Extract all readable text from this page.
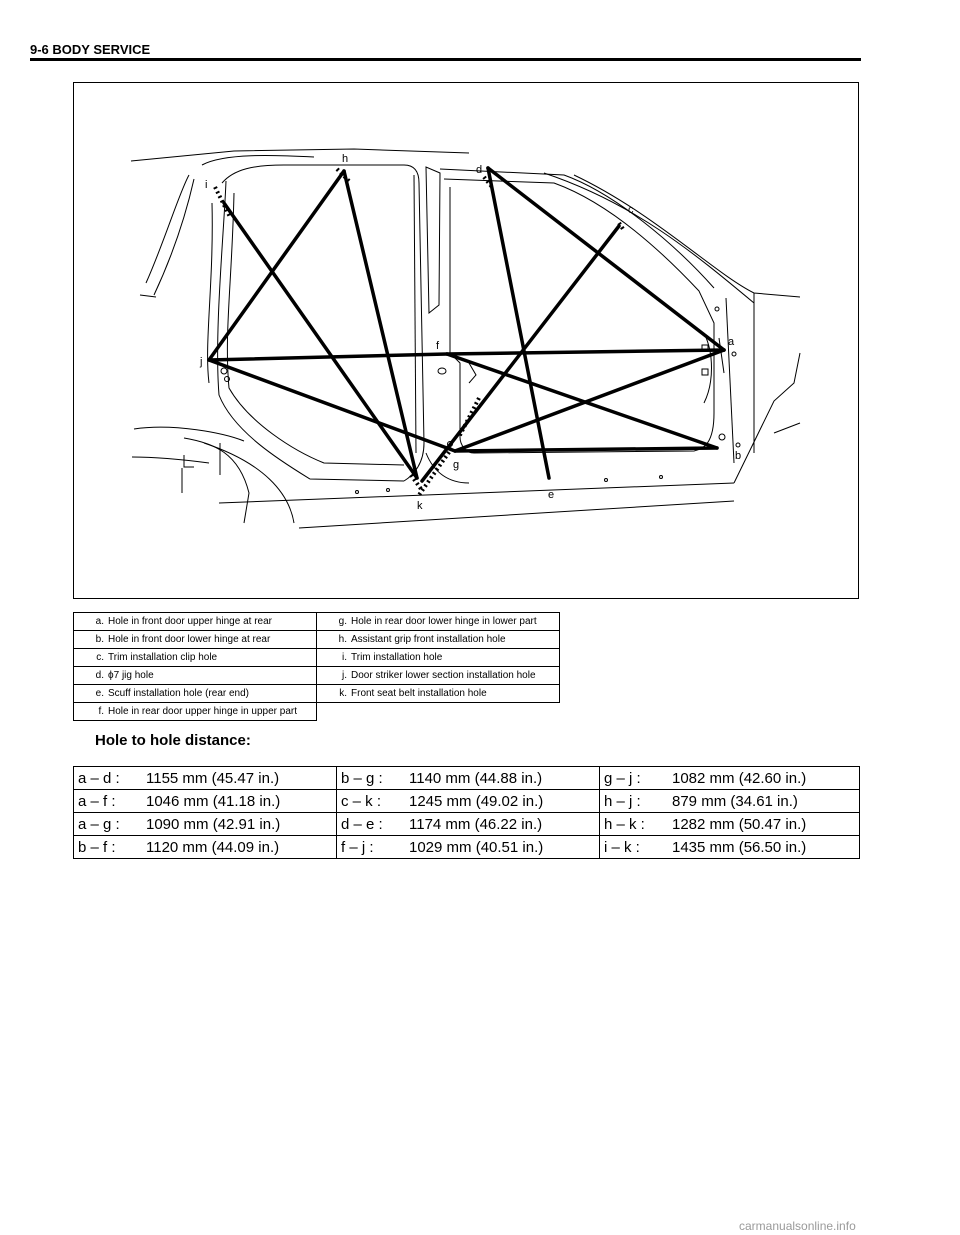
9-6 BODY SERVICE
a
b
c
d
e
f
g
h
i
j
k
a. Hole in front door upper hinge at rear	g. Hole in rear door lower hinge in lower part
b. Hole in front door lower hinge at rear	h. Assistant grip front installation hole
c. Trim installation clip hole	i. Trim installation hole
d. ϕ7 jig hole	j. Door striker lower section installation hole
e. Scuff installation hole (rear end)	k. Front seat belt installation hole
f. Hole in rear door upper hinge in upper part	
Hole to hole distance:
a – d : 1155 mm (45.47 in.)	b – g : 1140 mm (44.88 in.)	g – j : 1082 mm (42.60 in.)
a – f : 1046 mm (41.18 in.)	c – k : 1245 mm (49.02 in.)	h – j : 879 mm (34.61 in.)
a – g : 1090 mm (42.91 in.)	d – e : 1174 mm (46.22 in.)	h – k : 1282 mm (50.47 in.)
b – f : 1120 mm (44.09 in.)	f – j : 1029 mm (40.51 in.)	i – k : 1435 mm (56.50 in.)
carmanualsonline.info
